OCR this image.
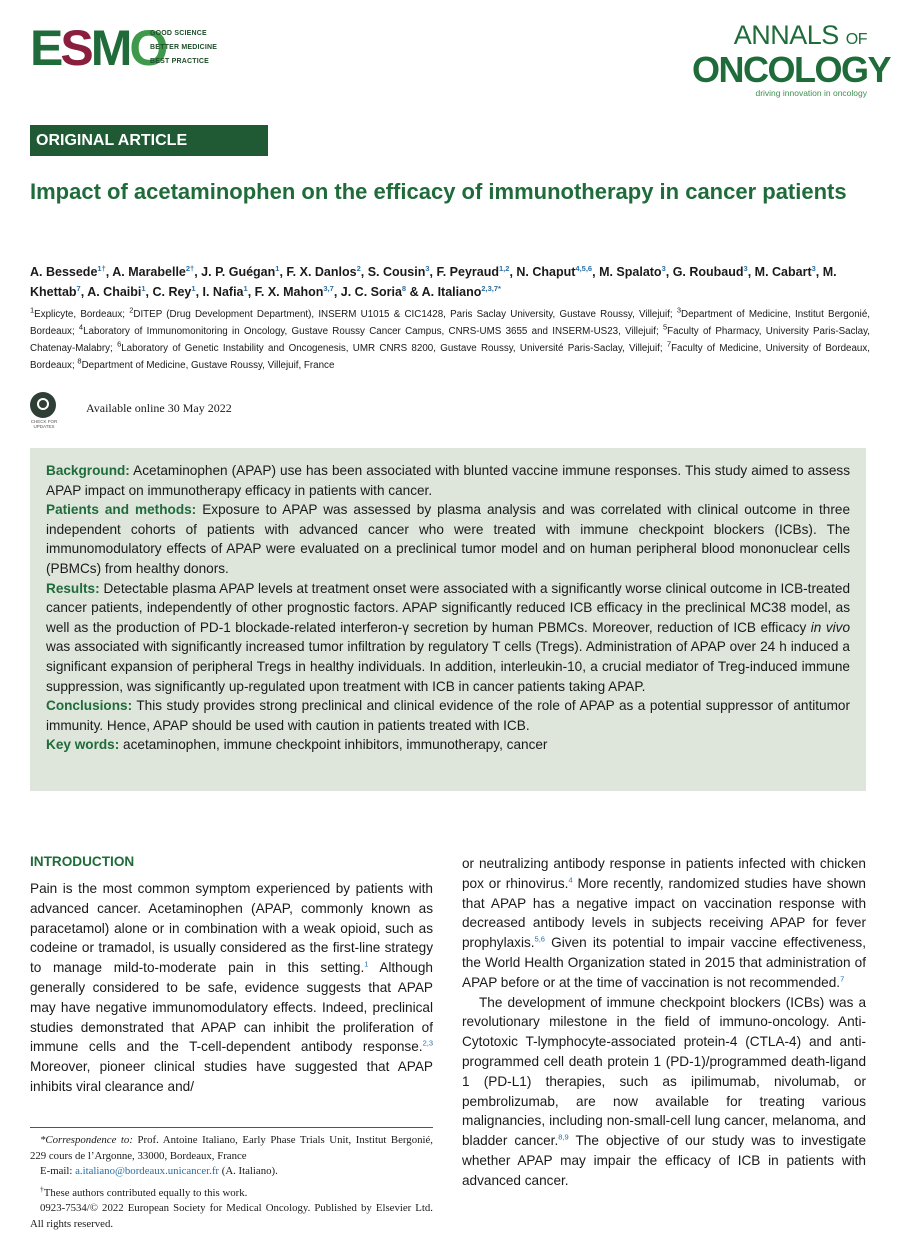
ESMO
GOOD SCIENCE
BETTER MEDICINE
BEST PRACTICE
ANNALS OF
ONCOLOGY
driving innovation in oncology
ORIGINAL ARTICLE
Impact of acetaminophen on the efficacy of immunotherapy in cancer patients
A. Bessede$^{1\dagger}$, A. Marabelle$^{2\dagger}$, J. P. Guégan$^1$, F. X. Danlos$^2$, S. Cousin$^3$, F. Peyraud$^{1,2}$, N. Chaput$^{4,5,6}$, M. Spalato$^3$, G. Roubaud$^3$, M. Cabart$^3$, M. Khettab$^7$, A. Chaibi$^1$, C. Rey$^1$, I. Nafia$^1$, F. X. Mahon$^{3,7}$, J. C. Soria$^8$ & A. Italiano$^{2,3,7*}$
$^1$Explicyte, Bordeaux; $^2$DITEP (Drug Development Department), INSERM U1015 & CIC1428, Paris Saclay University, Gustave Roussy, Villejuif; $^3$Department of Medicine, Institut Bergonié, Bordeaux; $^4$Laboratory of Immunomonitoring in Oncology, Gustave Roussy Cancer Campus, CNRS-UMS 3655 and INSERM-US23, Villejuif; $^5$Faculty of Pharmacy, University Paris-Saclay, Chatenay-Malabry; $^6$Laboratory of Genetic Instability and Oncogenesis, UMR CNRS 8200, Gustave Roussy, Université Paris-Saclay, Villejuif; $^7$Faculty of Medicine, University of Bordeaux, Bordeaux; $^8$Department of Medicine, Gustave Roussy, Villejuif, France
CHECK FOR UPDATES
Available online 30 May 2022

Background: Acetaminophen (APAP) use has been associated with blunted vaccine immune responses. This study aimed to assess APAP impact on immunotherapy efficacy in patients with cancer.

Patients and methods: Exposure to APAP was assessed by plasma analysis and was correlated with clinical outcome in three independent cohorts of patients with advanced cancer who were treated with immune checkpoint blockers (ICBs). The immunomodulatory effects of APAP were evaluated on a preclinical tumor model and on human peripheral blood mononuclear cells (PBMCs) from healthy donors.

Results: Detectable plasma APAP levels at treatment onset were associated with a significantly worse clinical outcome in ICB-treated cancer patients, independently of other prognostic factors. APAP significantly reduced ICB efficacy in the preclinical MC38 model, as well as the production of PD-1 blockade-related interferon-γ secretion by human PBMCs. Moreover, reduction of ICB efficacy in vivo was associated with significantly increased tumor infiltration by regulatory T cells (Tregs). Administration of APAP over 24 h induced a significant expansion of peripheral Tregs in healthy individuals. In addition, interleukin-10, a crucial mediator of Treg-induced immune suppression, was significantly up-regulated upon treatment with ICB in cancer patients taking APAP.

Conclusions: This study provides strong preclinical and clinical evidence of the role of APAP as a potential suppressor of antitumor immunity. Hence, APAP should be used with caution in patients treated with ICB.

Key words: acetaminophen, immune checkpoint inhibitors, immunotherapy, cancer

INTRODUCTION

Pain is the most common symptom experienced by patients with advanced cancer. Acetaminophen (APAP, commonly known as paracetamol) alone or in combination with a weak opioid, such as codeine or tramadol, is usually considered as the first-line strategy to manage mild-to-moderate pain in this setting.$^1$ Although generally considered to be safe, evidence suggests that APAP may have negative immunomodulatory effects. Indeed, preclinical studies demonstrated that APAP can inhibit the proliferation of immune cells and the T-cell-dependent antibody response.$^{2,3}$ Moreover, pioneer clinical studies have suggested that APAP inhibits viral clearance and/

or neutralizing antibody response in patients infected with chicken pox or rhinovirus.$^4$ More recently, randomized studies have shown that APAP has a negative impact on vaccination response with decreased antibody levels in subjects receiving APAP for fever prophylaxis.$^{5,6}$ Given its potential to impair vaccine effectiveness, the World Health Organization stated in 2015 that administration of APAP before or at the time of vaccination is not recommended.$^7$

The development of immune checkpoint blockers (ICBs) was a revolutionary milestone in the field of immuno-oncology. Anti-Cytotoxic T-lymphocyte-associated protein-4 (CTLA-4) and anti-programmed cell death protein 1 (PD-1)/programmed death-ligand 1 (PD-L1) therapies, such as ipilimumab, nivolumab, or pembrolizumab, are now available for treating various malignancies, including non-small-cell lung cancer, melanoma, and bladder cancer.$^{8,9}$ The objective of our study was to investigate whether APAP may impair the efficacy of ICB in patients with advanced cancer.

*Correspondence to: Prof. Antoine Italiano, Early Phase Trials Unit, Institut Bergonié, 229 cours de l’Argonne, 33000, Bordeaux, France

E-mail: a.italiano@bordeaux.unicancer.fr (A. Italiano).

†These authors contributed equally to this work.

0923-7534/© 2022 European Society for Medical Oncology. Published by Elsevier Ltd. All rights reserved.
